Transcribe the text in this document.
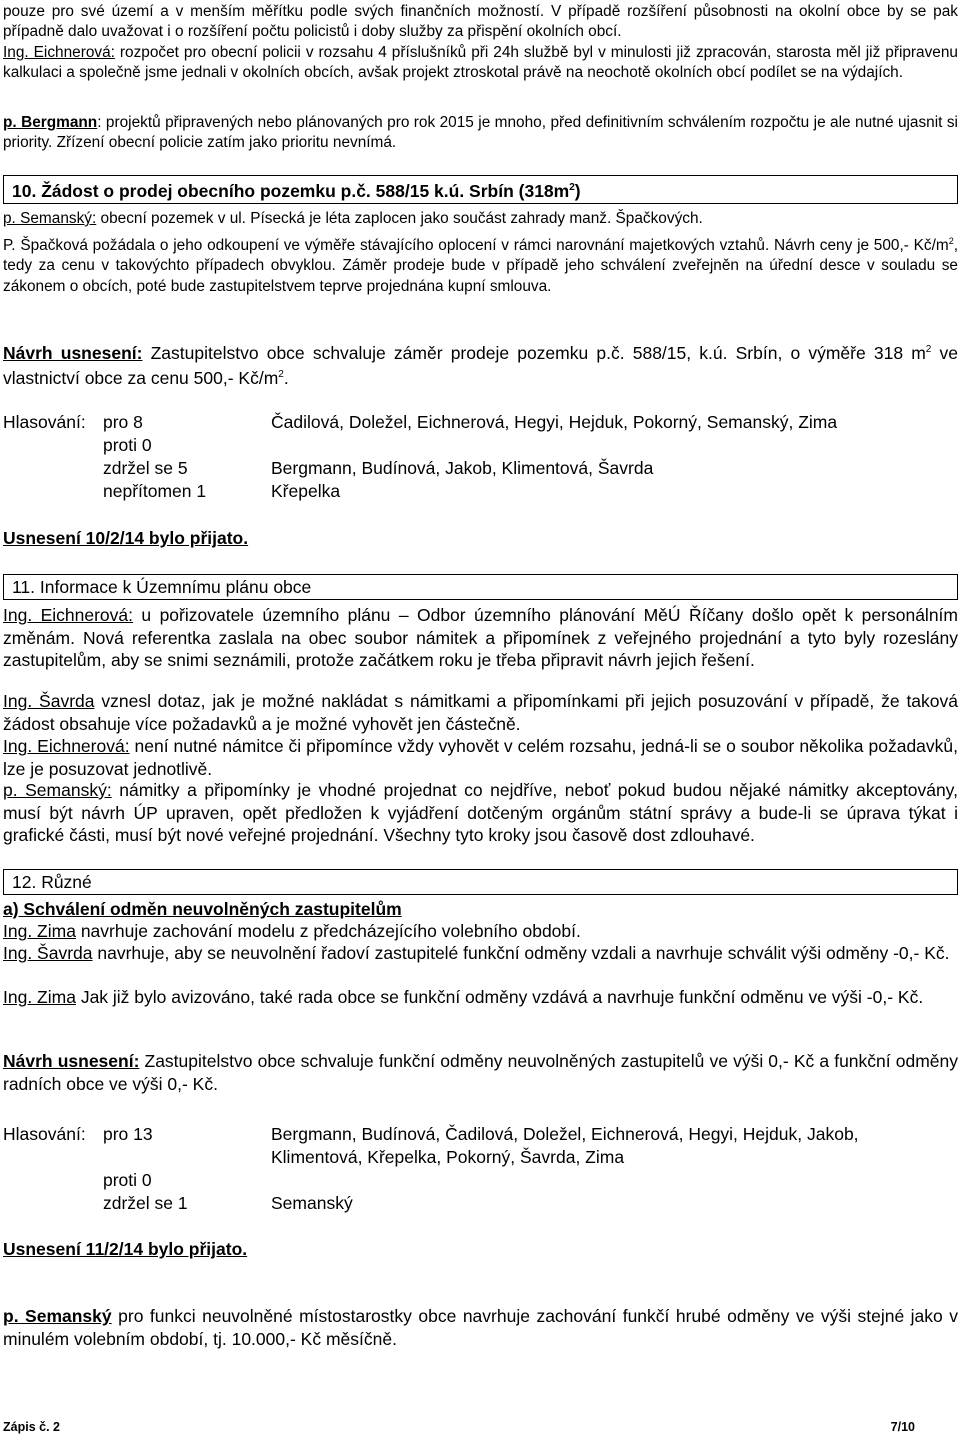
pouze pro své území a v menším měřítku podle svých finančních možností. V případě rozšíření působnosti na okolní obce by se pak případně dalo uvažovat i o rozšíření počtu policistů i doby služby za přispění okolních obcí.

Ing. Eichnerová: rozpočet pro obecní policii v rozsahu 4 příslušníků při 24h službě byl v minulosti již zpracován, starosta měl již připravenu kalkulaci a společně jsme jednali v okolních obcích, avšak projekt ztroskotal právě na neochotě okolních obcí podílet se na výdajích.

p. Bergmann: projektů připravených nebo plánovaných pro rok 2015 je mnoho, před definitivním schválením rozpočtu je ale nutné ujasnit si priority. Zřízení obecní policie zatím jako prioritu nevnímá.

10. Žádost o prodej obecního pozemku p.č. 588/15 k.ú. Srbín $(318m^2)$

p. Semanský: obecní pozemek v ul. Písecká je léta zaplocen jako součást zahrady manž. Špačkových.

P. Špačková požádala o jeho odkoupení ve výměře stávajícího oplocení v rámci narovnání majetkových vztahů. Návrh ceny je 500,- $Kč/m^2$, tedy za cenu v takovýchto případech obvyklou. Záměr prodeje bude v případě jeho schválení zveřejněn na úřední desce v souladu se zákonem o obcích, poté bude zastupitelstvem teprve projednána kupní smlouva.

Návrh usnesení: Zastupitelstvo obce schvaluje záměr prodeje pozemku p.č. 588/15, k.ú. Srbín, o výměře 318 $m^2$ ve vlastnictví obce za cenu 500,- $Kč/m^2$.

Hlasování: pro 8	Čadilová, Doležel, Eichnerová, Hegyi, Hejduk, Pokorný, Semanský, Zima
proti 0
zdržel se 5	Bergmann, Budínová, Jakob, Klimentová, Šavrda
nepřítomen 1	Křepelka

Usnesení 10/2/14 bylo přijato.

11. Informace k Územnímu plánu obce

Ing. Eichnerová: u pořizovatele územního plánu – Odbor územního plánování MěÚ Říčany došlo opět k personálním změnám. Nová referentka zaslala na obec soubor námitek a připomínek z veřejného projednání a tyto byly rozeslány zastupitelům, aby se snimi seznámili, protože začátkem roku je třeba připravit návrh jejich řešení.

Ing. Šavrda vznesl dotaz, jak je možné nakládat s námitkami a připomínkami při jejich posuzování v případě, že taková žádost obsahuje více požadavků a je možné vyhovět jen částečně.

Ing. Eichnerová: není nutné námitce či připomínce vždy vyhovět v celém rozsahu, jedná-li se o soubor několika požadavků, lze je posuzovat jednotlivě.

p. Semanský: námitky a připomínky je vhodné projednat co nejdříve, neboť pokud budou nějaké námitky akceptovány, musí být návrh ÚP upraven, opět předložen k vyjádření dotčeným orgánům státní správy a bude-li se úprava týkat i grafické části, musí být nové veřejné projednání. Všechny tyto kroky jsou časově dost zdlouhavé.

12. Různé

a) Schválení odměn neuvolněných zastupitelům

Ing. Zima navrhuje zachování modelu z předcházejícího volebního období.

Ing. Šavrda navrhuje, aby se neuvolnění řadoví zastupitelé funkční odměny vzdali a navrhuje schválit výši odměny -0,- Kč.

Ing. Zima Jak již bylo avizováno, také rada obce se funkční odměny vzdává a navrhuje funkční odměnu ve výši -0,- Kč.

Návrh usnesení: Zastupitelstvo obce schvaluje funkční odměny neuvolněných zastupitelů ve výši 0,- Kč a funkční odměny radních obce ve výši 0,- Kč.

Hlasování: pro 13	Bergmann, Budínová, Čadilová, Doležel, Eichnerová, Hegyi, Hejduk, Jakob, Klimentová, Křepelka, Pokorný, Šavrda, Zima
proti 0
zdržel se 1	Semanský

Usnesení 11/2/14 bylo přijato.

p. Semanský pro funkci neuvolněné místostarostky obce navrhuje zachování funkčí hrubé odměny ve výši stejné jako v minulém volebním období, tj. 10.000,- Kč měsíčně.

Zápis č. 2	7/10
